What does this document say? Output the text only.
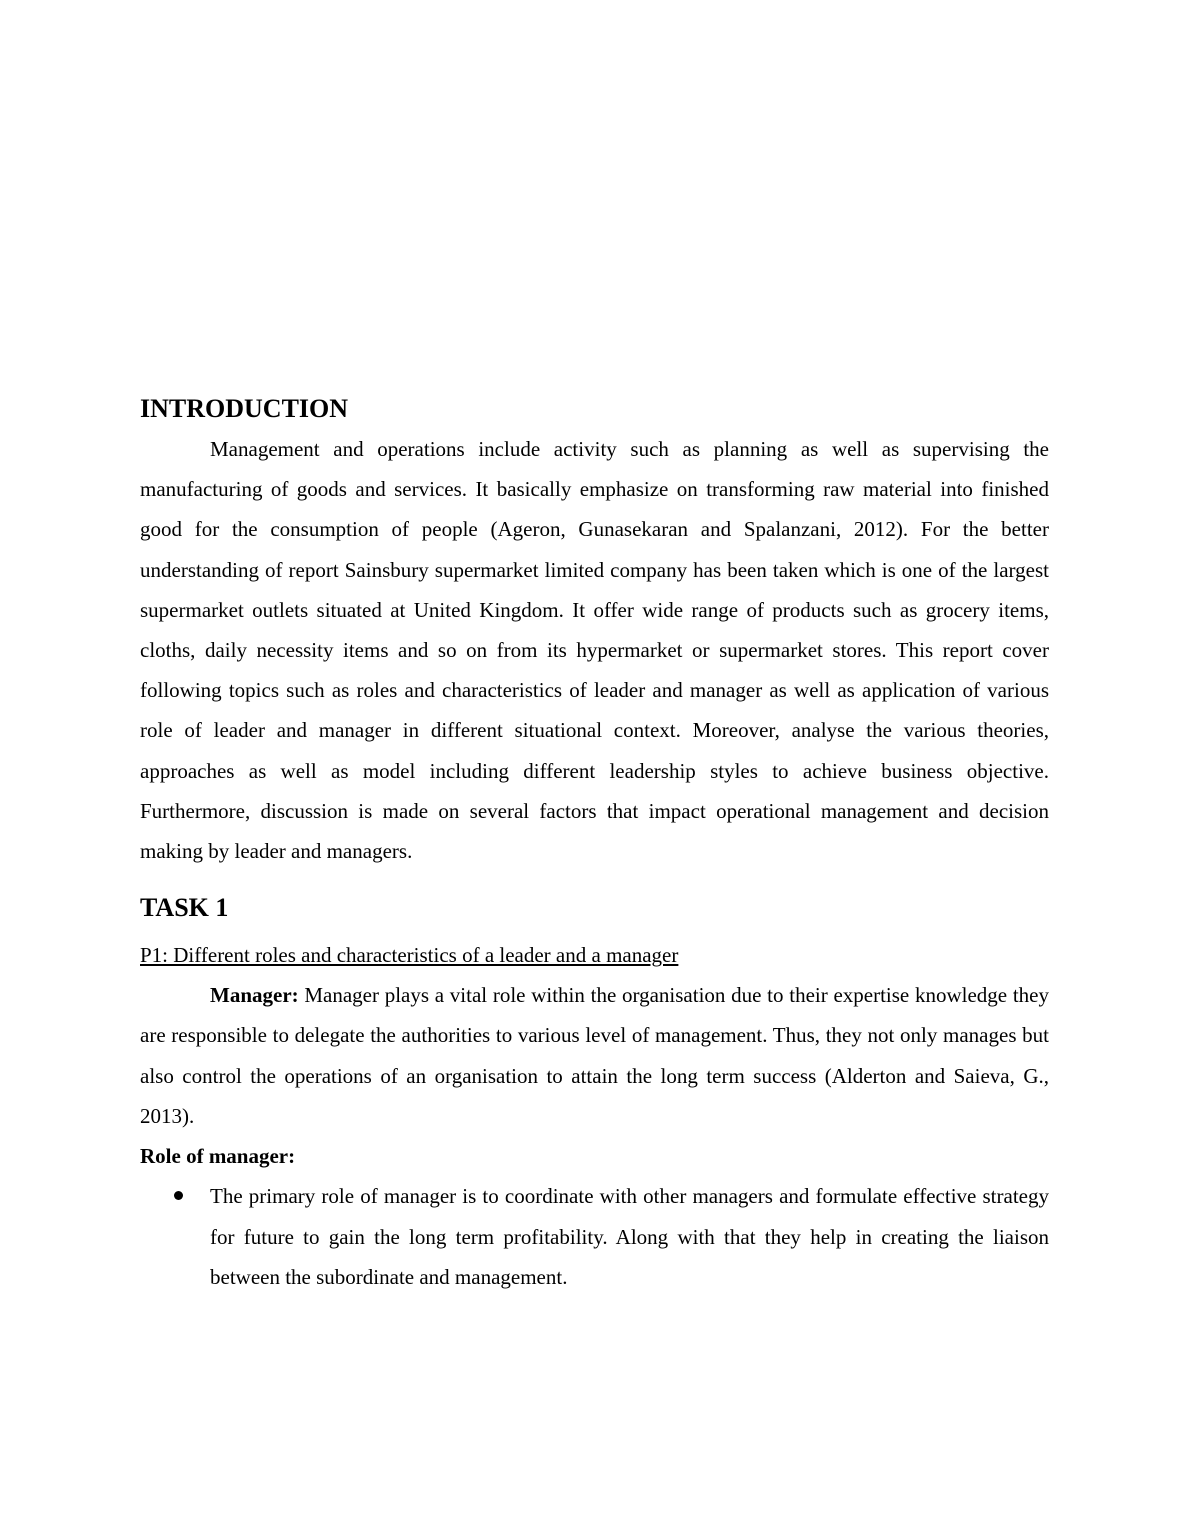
INTRODUCTION

Management and operations include activity such as planning as well as supervising the manufacturing of goods and services. It basically emphasize on transforming raw material into finished good for the consumption of people (Ageron, Gunasekaran and Spalanzani, 2012). For the better understanding of report Sainsbury supermarket limited company has been taken which is one of the largest supermarket outlets situated at United Kingdom. It offer wide range of products such as grocery items, cloths, daily necessity items and so on from its hypermarket or supermarket stores. This report cover following topics such as roles and characteristics of leader and manager as well as application of various role of leader and manager in different situational context. Moreover, analyse the various theories, approaches as well as model including different leadership styles to achieve business objective. Furthermore, discussion is made on several factors that impact operational management and decision making by leader and managers.

TASK 1

P1: Different roles and characteristics of a leader and a manager

Manager: Manager plays a vital role within the organisation due to their expertise knowledge they are responsible to delegate the authorities to various level of management. Thus, they not only manages but also control the operations of an organisation to attain the long term success (Alderton and Saieva, G., 2013).

Role of manager:

The primary role of manager is to coordinate with other managers and formulate effective strategy for future to gain the long term profitability. Along with that they help in creating the liaison between the subordinate and management.
